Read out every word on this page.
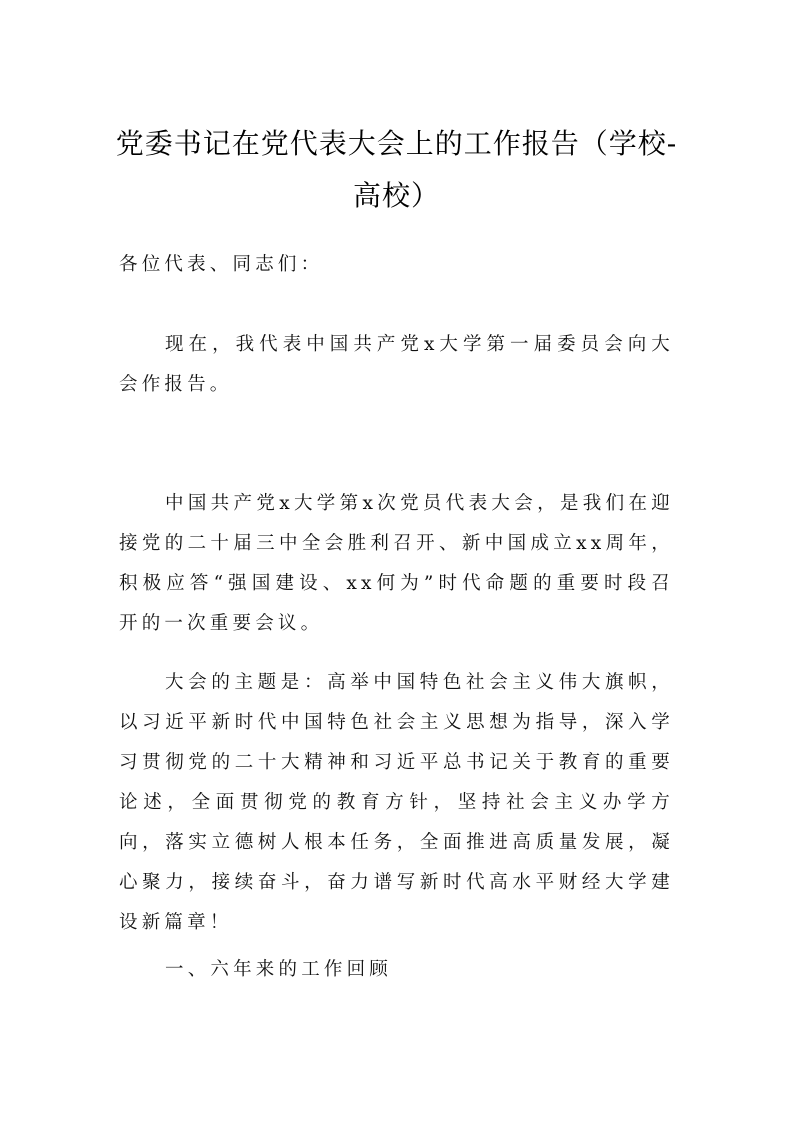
党委书记在党代表大会上的工作报告（学校-高校）

各位代表、同志们：

现在，我代表中国共产党x大学第一届委员会向大会作报告。

中国共产党x大学第x次党员代表大会，是我们在迎接党的二十届三中全会胜利召开、新中国成立xx周年，积极应答“强国建设、xx何为”时代命题的重要时段召开的一次重要会议。

大会的主题是：高举中国特色社会主义伟大旗帜，以习近平新时代中国特色社会主义思想为指导，深入学习贯彻党的二十大精神和习近平总书记关于教育的重要论述，全面贯彻党的教育方针，坚持社会主义办学方向，落实立德树人根本任务，全面推进高质量发展，凝心聚力，接续奋斗，奋力谱写新时代高水平财经大学建设新篇章！

一、六年来的工作回顾
